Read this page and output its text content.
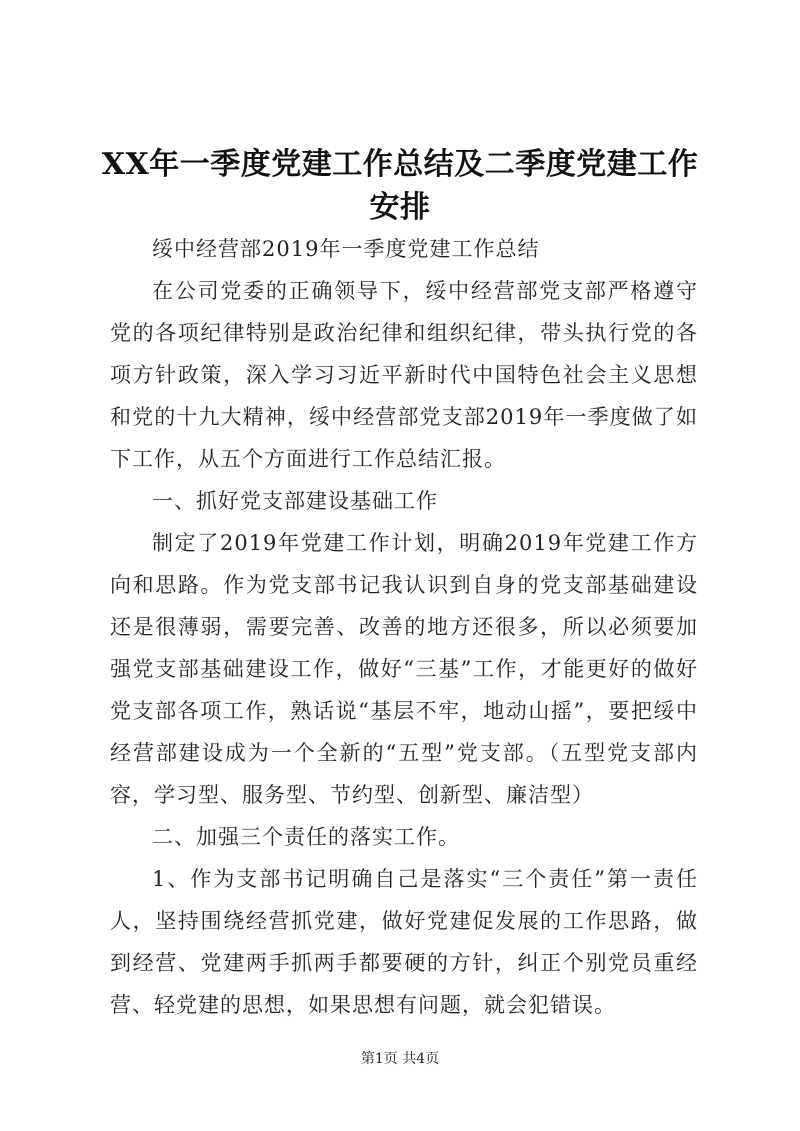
XX年一季度党建工作总结及二季度党建工作
安排

绥中经营部2019年一季度党建工作总结

在公司党委的正确领导下，绥中经营部党支部严格遵守党的各项纪律特别是政治纪律和组织纪律，带头执行党的各项方针政策，深入学习习近平新时代中国特色社会主义思想和党的十九大精神，绥中经营部党支部2019年一季度做了如下工作，从五个方面进行工作总结汇报。

一、抓好党支部建设基础工作

制定了2019年党建工作计划，明确2019年党建工作方向和思路。作为党支部书记我认识到自身的党支部基础建设还是很薄弱，需要完善、改善的地方还很多，所以必须要加强党支部基础建设工作，做好“三基”工作，才能更好的做好党支部各项工作，熟话说“基层不牢，地动山摇”，要把绥中经营部建设成为一个全新的“五型”党支部。（五型党支部内容，学习型、服务型、节约型、创新型、廉洁型）

二、加强三个责任的落实工作。

1、作为支部书记明确自己是落实“三个责任”第一责任人，坚持围绕经营抓党建，做好党建促发展的工作思路，做到经营、党建两手抓两手都要硬的方针，纠正个别党员重经营、轻党建的思想，如果思想有问题，就会犯错误。

第1页 共4页
